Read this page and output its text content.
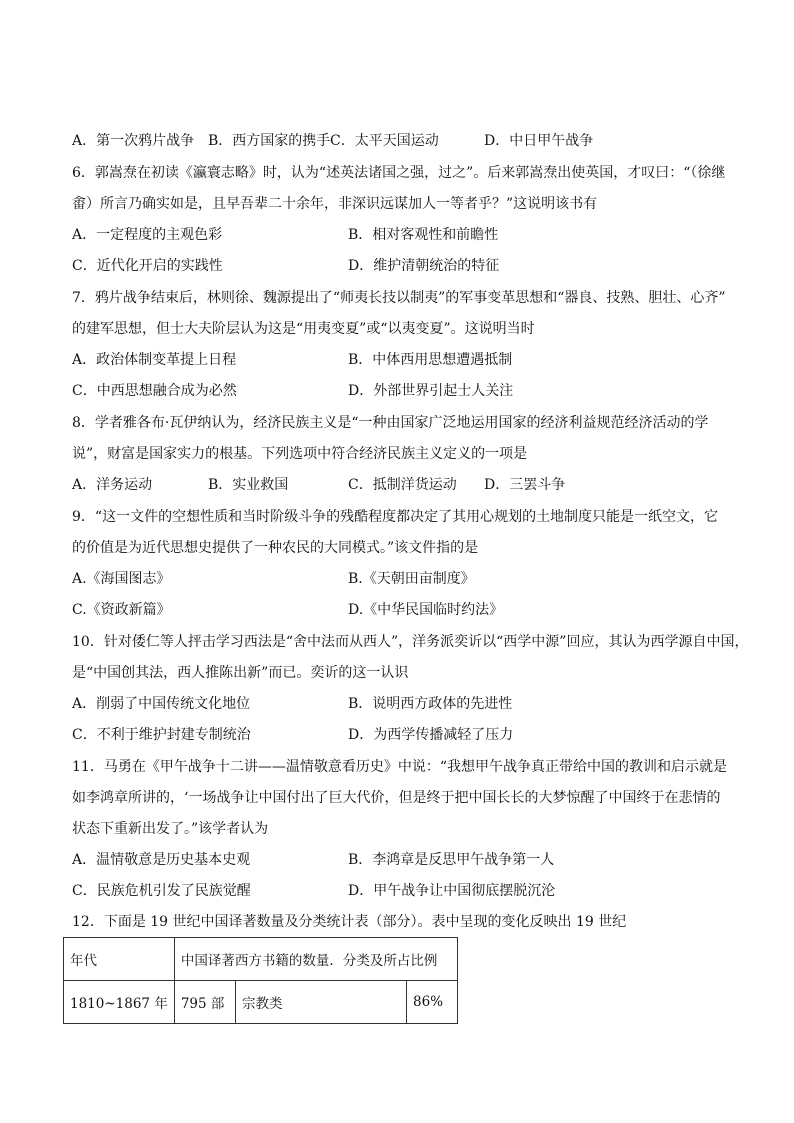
A．第一次鸦片战争 B．西方国家的携手 C．太平天国运动	D．中日甲午战争
6．郭嵩焘在初读《瀛寰志略》时，认为“述英法诸国之强，过之”。后来郭嵩焘出使英国，才叹曰：“（徐继
畬）所言乃确实如是，且早吾辈二十余年，非深识远谋加人一等者乎？”这说明该书有
A．一定程度的主观色彩	B．相对客观性和前瞻性
C．近代化开启的实践性	D．维护清朝统治的特征
7．鸦片战争结束后，林则徐、魏源提出了“师夷长技以制夷”的军事变革思想和“器良、技熟、胆壮、心齐”
的建军思想，但士大夫阶层认为这是“用夷变夏”或“以夷变夏”。这说明当时
A．政治体制变革提上日程	B．中体西用思想遭遇抵制
C．中西思想融合成为必然	D．外部世界引起士人关注
8．学者雅各布·瓦伊纳认为，经济民族主义是“一种由国家广泛地运用国家的经济利益规范经济活动的学
说”，财富是国家实力的根基。下列选项中符合经济民族主义定义的一项是
A．洋务运动	B．实业救国	C．抵制洋货运动 D．三罢斗争
9．“这一文件的空想性质和当时阶级斗争的残酷程度都决定了其用心规划的土地制度只能是一纸空文，它
的价值是为近代思想史提供了一种农民的大同模式。”该文件指的是
A.《海国图志》	B.《天朝田亩制度》
C.《资政新篇》	D.《中华民国临时约法》
10．针对倭仁等人抨击学习西法是“舍中法而从西人”，洋务派奕䜣以“西学中源”回应，其认为西学源自中国，
是“中国创其法，西人推陈出新”而已。奕䜣的这一认识
A．削弱了中国传统文化地位	B．说明西方政体的先进性
C．不利于维护封建专制统治	D．为西学传播减轻了压力
11．马勇在《甲午战争十二讲——温情敬意看历史》中说：“我想甲午战争真正带给中国的教训和启示就是
如李鸿章所讲的，‘一场战争让中国付出了巨大代价，但是终于把中国长长的大梦惊醒了中国终于在悲情的
状态下重新出发了。”该学者认为
A．温情敬意是历史基本史观	B．李鸿章是反思甲午战争第一人
C．民族危机引发了民族觉醒	D．甲午战争让中国彻底摆脱沉沦
12．下面是 19 世纪中国译著数量及分类统计表（部分）。表中呈现的变化反映出 19 世纪
年代	中国译著西方书籍的数量．分类及所占比例		
1810~1867 年	795 部	宗教类	86%
